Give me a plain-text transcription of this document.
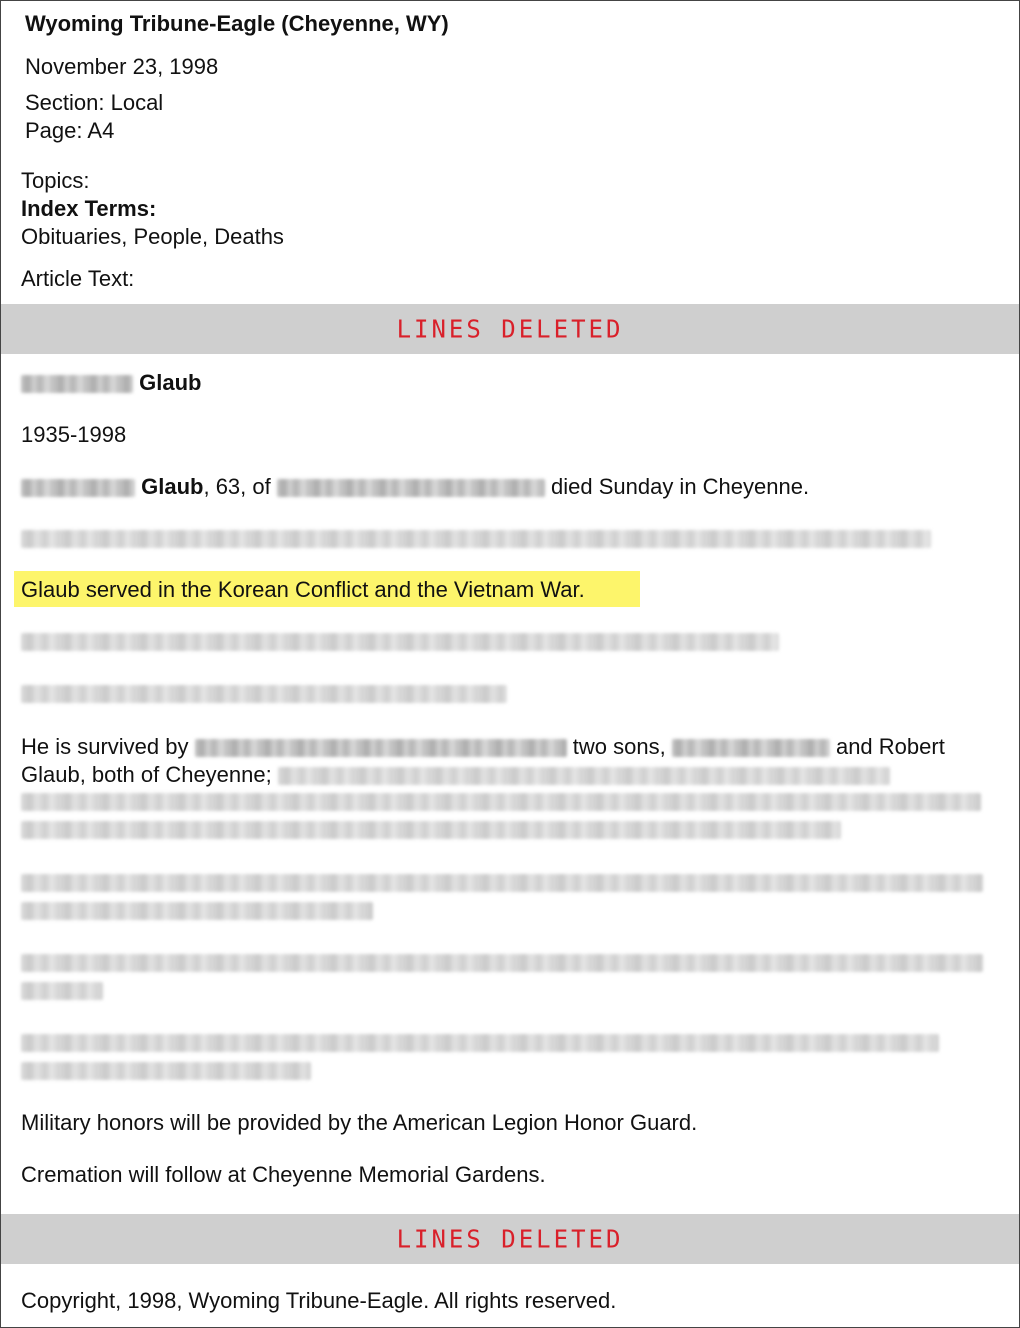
Wyoming Tribune-Eagle (Cheyenne, WY)
November 23, 1998
Section: Local
Page: A4
Topics:
Index Terms:
Obituaries, People, Deaths
Article Text:
LINES DELETED
Glaub
1935-1998
Glaub, 63, of	died Sunday in Cheyenne.
Glaub served in the Korean Conflict and the Vietnam War.
He is survived by	two sons,	and Robert
Glaub, both of Cheyenne;
Military honors will be provided by the American Legion Honor Guard.
Cremation will follow at Cheyenne Memorial Gardens.
LINES DELETED
Copyright, 1998, Wyoming Tribune-Eagle. All rights reserved.
